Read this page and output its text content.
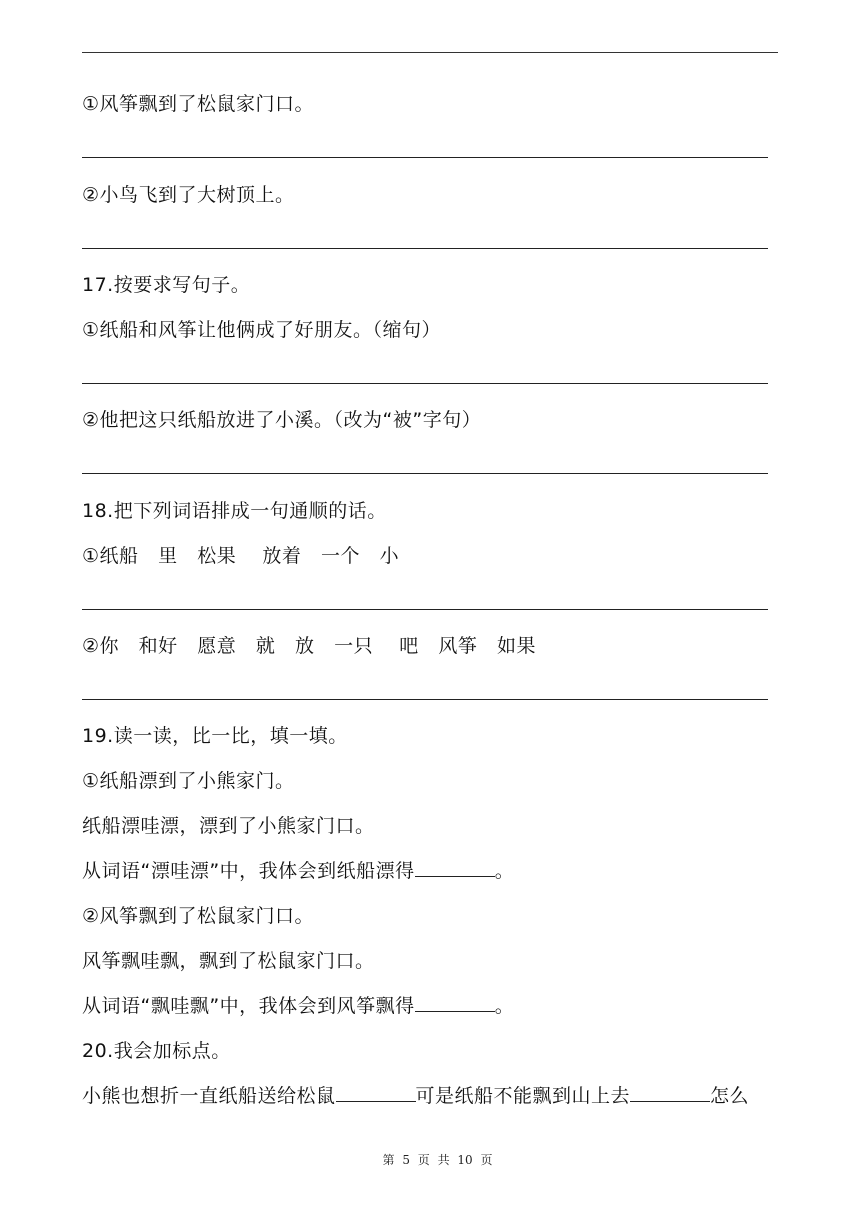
①风筝飘到了松鼠家门口。
②小鸟飞到了大树顶上。
17.按要求写句子。
①纸船和风筝让他俩成了好朋友。（缩句）
②他把这只纸船放进了小溪。（改为“被”字句）
18.把下列词语排成一句通顺的话。
①纸船   里   松果    放着   一个   小
②你   和好   愿意   就   放   一只    吧   风筝   如果
19.读一读，比一比，填一填。
①纸船漂到了小熊家门。
纸船漂哇漂，漂到了小熊家门口。
从词语“漂哇漂”中，我体会到纸船漂得	。
②风筝飘到了松鼠家门口。
风筝飘哇飘，飘到了松鼠家门口。
从词语“飘哇飘”中，我体会到风筝飘得	。
20.我会加标点。
小熊也想折一直纸船送给松鼠	可是纸船不能飘到山上去	怎么
第 5 页 共 10 页
